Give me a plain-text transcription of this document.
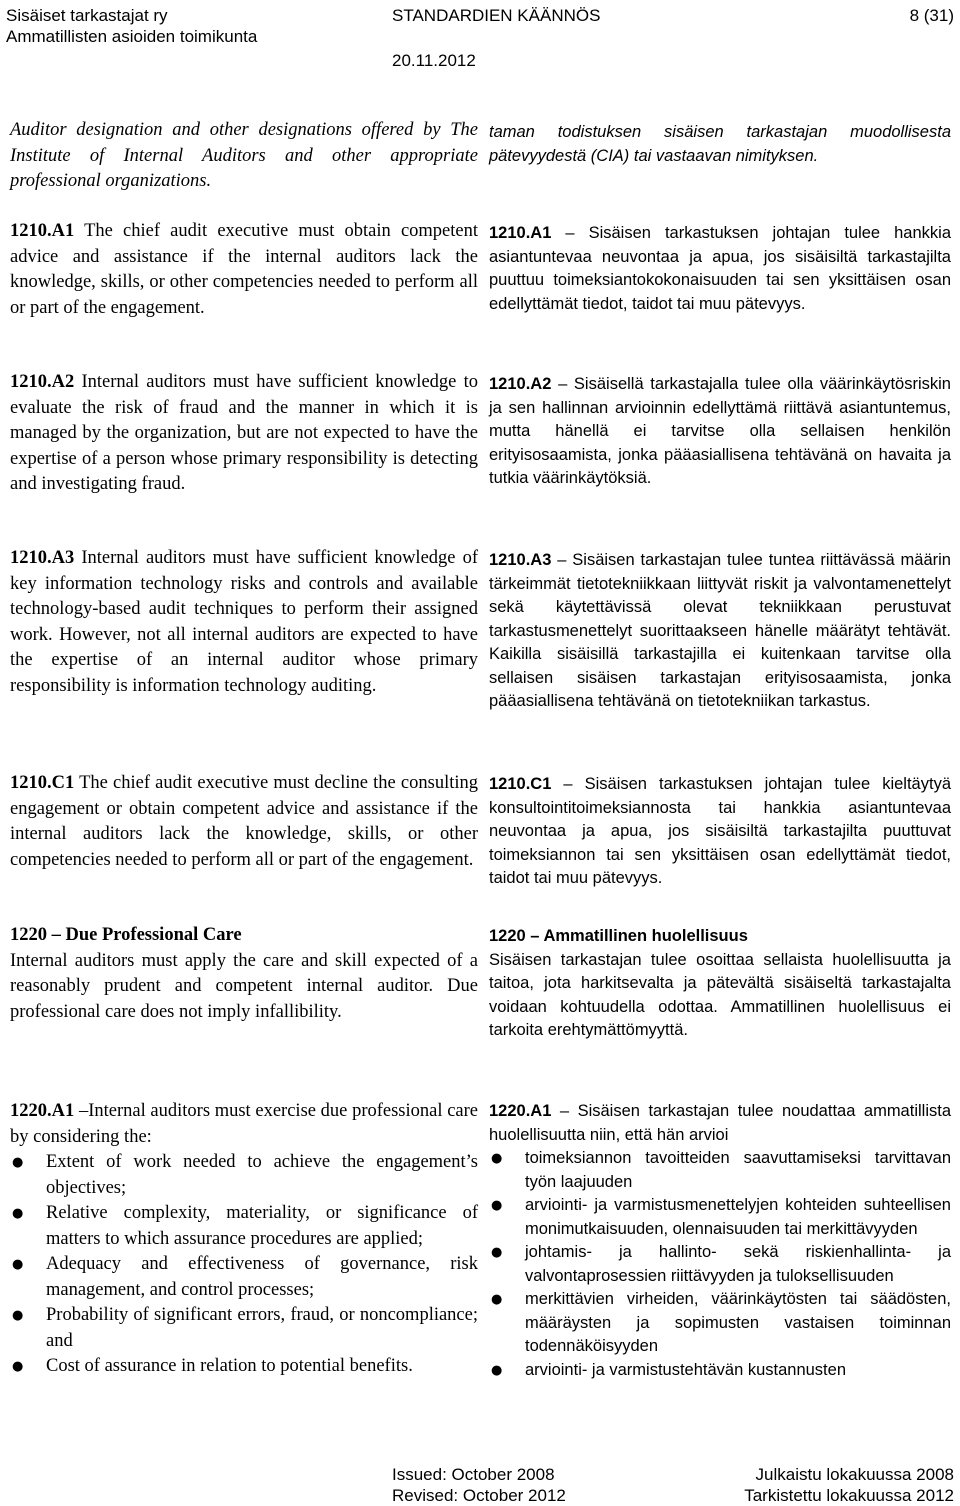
Sisäiset tarkastajat ry
Ammatillisten asioiden toimikunta
STANDARDIEN KÄÄNNÖS
20.11.2012
8 (31)

Auditor designation and other designations offered by The Institute of Internal Auditors and other appropriate professional organizations.

1210.A1 The chief audit executive must obtain competent advice and assistance if the internal auditors lack the knowledge, skills, or other competencies needed to perform all or part of the engagement.

1210.A2 Internal auditors must have sufficient knowledge to evaluate the risk of fraud and the manner in which it is managed by the organization, but are not expected to have the expertise of a person whose primary responsibility is detecting and investigating fraud.

1210.A3 Internal auditors must have sufficient knowledge of key information technology risks and controls and available technology-based audit techniques to perform their assigned work. However, not all internal auditors are expected to have the expertise of an internal auditor whose primary responsibility is information technology auditing.

1210.C1 The chief audit executive must decline the consulting engagement or obtain competent advice and assistance if the internal auditors lack the knowledge, skills, or other competencies needed to perform all or part of the engagement.

1220 – Due Professional Care
Internal auditors must apply the care and skill expected of a reasonably prudent and competent internal auditor. Due professional care does not imply infallibility.
1220.A1 –Internal auditors must exercise due professional care by considering the:
● Extent of work needed to achieve the engagement’s objectives;
● Relative complexity, materiality, or significance of matters to which assurance procedures are applied;
● Adequacy and effectiveness of governance, risk management, and control processes;
● Probability of significant errors, fraud, or noncompliance; and
● Cost of assurance in relation to potential benefits.

taman todistuksen sisäisen tarkastajan muodollisesta pätevyydestä (CIA) tai vastaavan nimityksen.

1210.A1 – Sisäisen tarkastuksen johtajan tulee hankkia asiantuntevaa neuvontaa ja apua, jos sisäisiltä tarkastajilta puuttuu toimeksiantokokonaisuuden tai sen yksittäisen osan edellyttämät tiedot, taidot tai muu pätevyys.

1210.A2 – Sisäisellä tarkastajalla tulee olla väärinkäytösriskin ja sen hallinnan arvioinnin edellyttämä riittävä asiantuntemus, mutta hänellä ei tarvitse olla sellaisen henkilön erityisosaamista, jonka pääasiallisena tehtävänä on havaita ja tutkia väärinkäytöksiä.

1210.A3 – Sisäisen tarkastajan tulee tuntea riittävässä määrin tärkeimmät tietotekniikkaan liittyvät riskit ja valvontamenettelyt sekä käytettävissä olevat tekniikkaan perustuvat tarkastusmenettelyt suorittaakseen hänelle määrätyt tehtävät. Kaikilla sisäisillä tarkastajilla ei kuitenkaan tarvitse olla sellaisen sisäisen tarkastajan erityisosaamista, jonka pääasiallisena tehtävänä on tietotekniikan tarkastus.

1210.C1 – Sisäisen tarkastuksen johtajan tulee kieltäytyä konsultointitoimeksiannosta tai hankkia asiantuntevaa neuvontaa ja apua, jos sisäisiltä tarkastajilta puuttuvat toimeksiannon tai sen yksittäisen osan edellyttämät tiedot, taidot tai muu pätevyys.

1220 – Ammatillinen huolellisuus
Sisäisen tarkastajan tulee osoittaa sellaista huolellisuutta ja taitoa, jota harkitsevalta ja pätevältä sisäiseltä tarkastajalta voidaan kohtuudella odottaa. Ammatillinen huolellisuus ei tarkoita erehtymättömyyttä.
1220.A1 – Sisäisen tarkastajan tulee noudattaa ammatillista huolellisuutta niin, että hän arvioi
● toimeksiannon tavoitteiden saavuttamiseksi tarvittavan työn laajuuden
● arviointi- ja varmistusmenettelyjen kohteiden suhteellisen monimutkaisuuden, olennaisuuden tai merkittävyyden
● johtamis- ja hallinto- sekä riskienhallinta- ja valvontaprosessien riittävyyden ja tuloksellisuuden
● merkittävien virheiden, väärinkäytösten tai säädösten, määräysten ja sopimusten vastaisen toiminnan todennäköisyyden
● arviointi- ja varmistustehtävän kustannusten
Issued: October 2008
Revised: October 2012
Julkaistu lokakuussa 2008
Tarkistettu lokakuussa 2012
